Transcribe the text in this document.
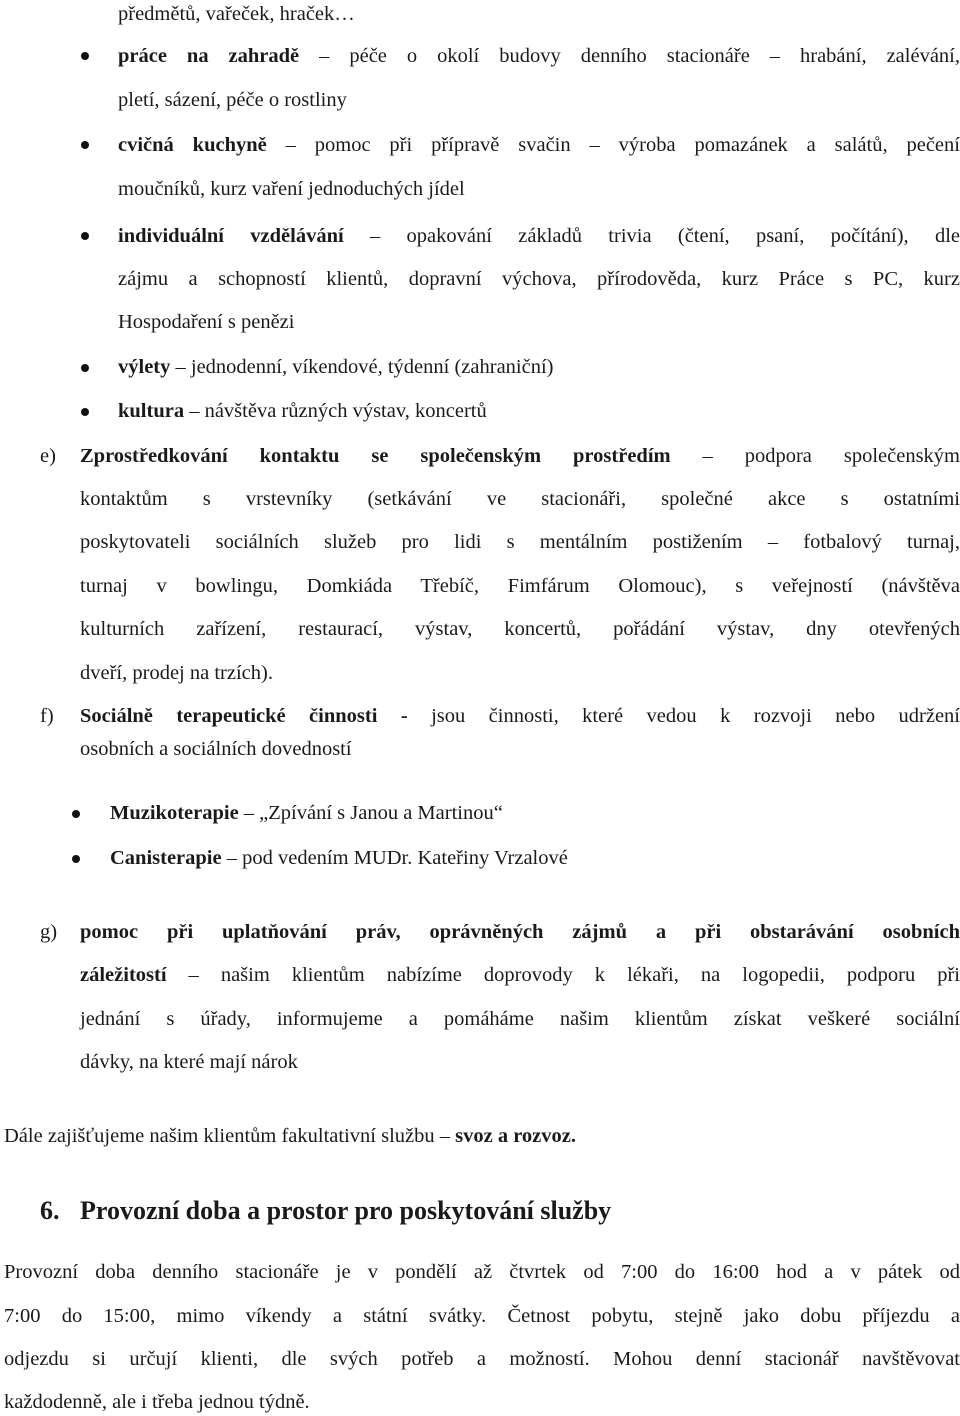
předmětů, vařeček, hraček…
práce na zahradě – péče o okolí budovy denního stacionáře – hrabání, zalévání,
pletí, sázení, péče o rostliny
cvičná kuchyně – pomoc při přípravě svačin – výroba pomazánek a salátů, pečení
moučníků, kurz vaření jednoduchých jídel
individuální vzdělávání – opakování základů trivia (čtení, psaní, počítání), dle
zájmu a schopností klientů, dopravní výchova, přírodověda, kurz Práce s PC, kurz
Hospodaření s penězi
výlety – jednodenní, víkendové, týdenní (zahraniční)
kultura – návštěva různých výstav, koncertů
e) Zprostředkování kontaktu se společenským prostředím – podpora společenským
kontaktům s vrstevníky (setkávání ve stacionáři, společné akce s ostatními
poskytovateli sociálních služeb pro lidi s mentálním postižením – fotbalový turnaj,
turnaj v bowlingu, Domkiáda Třebíč, Fimfárum Olomouc), s veřejností (návštěva
kulturních zařízení, restaurací, výstav, koncertů, pořádání výstav, dny otevřených
dveří, prodej na trzích).
f) Sociálně terapeutické činnosti - jsou činnosti, které vedou k rozvoji nebo udržení
osobních a sociálních dovedností
Muzikoterapie – „Zpívání s Janou a Martinou“
Canisterapie – pod vedením MUDr. Kateřiny Vrzalové
g) pomoc při uplatňování práv, oprávněných zájmů a při obstarávání osobních
záležitostí – našim klientům nabízíme doprovody k lékaři, na logopedii, podporu při
jednání s úřady, informujeme a pomáháme našim klientům získat veškeré sociální
dávky, na které mají nárok
Dále zajišťujeme našim klientům fakultativní službu – svoz a rozvoz.
6. Provozní doba a prostor pro poskytování služby
Provozní doba denního stacionáře je v pondělí až čtvrtek od 7:00 do 16:00 hod a v pátek od
7:00 do 15:00, mimo víkendy a státní svátky. Četnost pobytu, stejně jako dobu příjezdu a
odjezdu si určují klienti, dle svých potřeb a možností. Mohou denní stacionář navštěvovat
každodenně, ale i třeba jednou týdně.
